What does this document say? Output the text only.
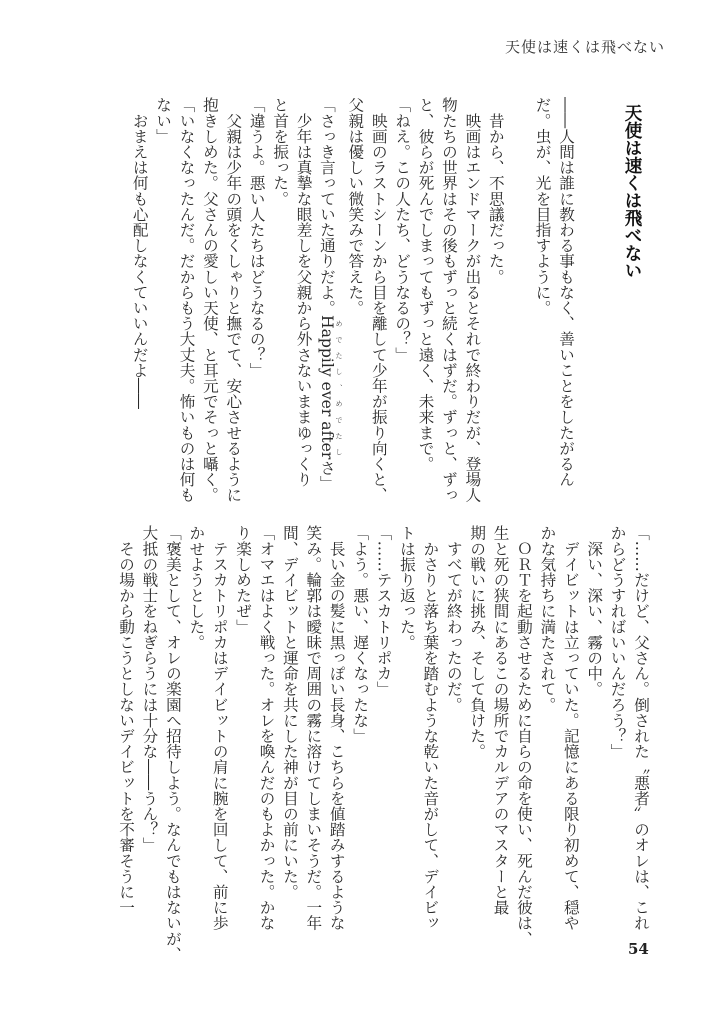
天使は速くは飛べない
天使は速くは飛べない
――人間は誰に教わる事もなく、善いことをしたがるん
だ。虫が、光を目指すように。

　昔から、不思議だった。
　映画はエンドマークが出るとそれで終わりだが、登場人
物たちの世界はその後もずっと続くはずだ。ずっと、ずっ
と、彼らが死んでしまってもずっと遠く、未来まで。
「ねえ。この人たち、どうなるの？」
　映画のラストシーンから目を離して少年が振り向くと、
父親は優しい微笑みで答えた。
「さっき言っていた通りだよ。Happily ever after めでたし、めでたしさ」
　少年は真摯な眼差しを父親から外さないままゆっくり
と首を振った。
「違うよ。悪い人たちはどうなるの？」
　父親は少年の頭をくしゃりと撫でて、安心させるように
抱きしめた。父さんの愛しい天使、と耳元でそっと囁く。
「いなくなったんだ。だからもう大丈夫。怖いものは何も
ない」
　おまえは何も心配しなくていいんだよ――
「……だけど、父さん。倒された〝悪者〟のオレは、これ
からどうすればいいんだろう？」
　深い、深い、霧の中。
　デイビットは立っていた。記憶にある限り初めて、穏や
かな気持ちに満たされて。
　ＯＲＴを起動させるために自らの命を使い、死んだ彼は、
生と死の狭間にあるこの場所でカルデアのマスターと最
期の戦いに挑み、そして負けた。
　すべてが終わったのだ。
　かさりと落ち葉を踏むような乾いた音がして、デイビッ
トは振り返った。
「……テスカトリポカ」
「よう。悪い、遅くなったな」
　長い金の髪に黒っぽい長身、こちらを値踏みするような
笑み。輪郭は曖昧で周囲の霧に溶けてしまいそうだ。一年
間、デイビットと運命を共にした神が目の前にいた。
「オマエはよく戦った。オレを喚んだのもよかった。かな
り楽しめたぜ」
　テスカトリポカはデイビットの肩に腕を回して、前に歩
かせようとした。
「褒美として、オレの楽園へ招待しよう。なんでもはないが、
大抵の戦士をねぎらうには十分な――うん？」
　その場から動こうとしないデイビットを不審そうに一
54
